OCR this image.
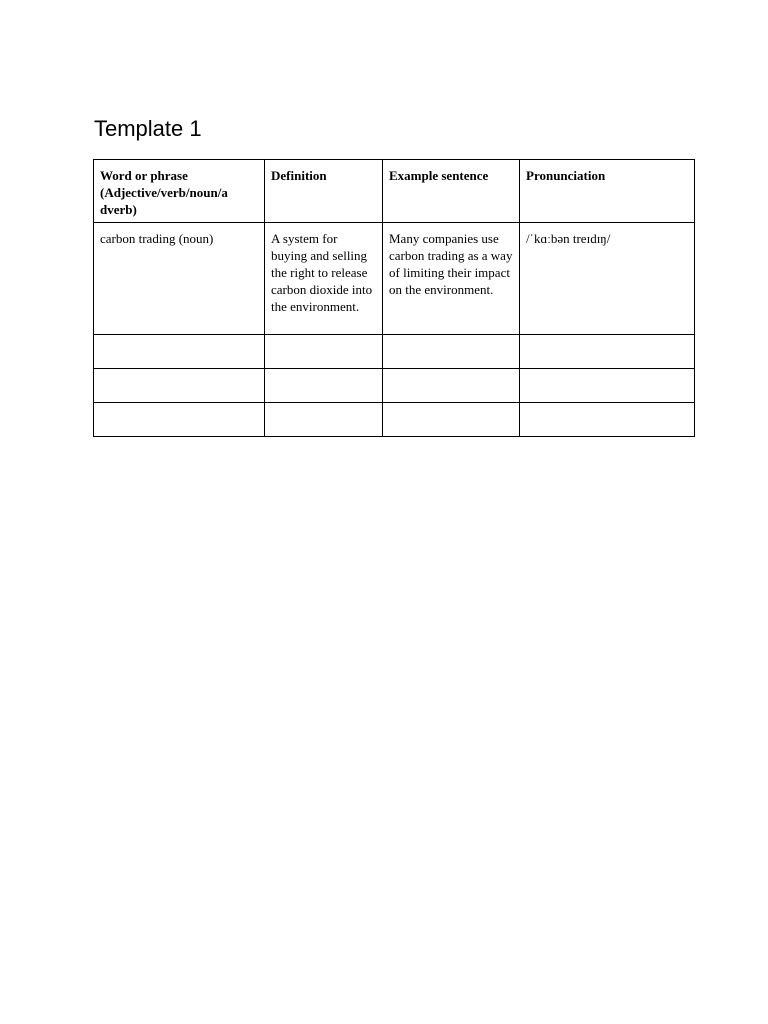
Template 1
Word or phrase (Adjective/verb/noun/a dverb)	Definition	Example sentence	Pronunciation
carbon trading (noun)	A system for buying and selling the right to release carbon dioxide into the environment.	Many companies use carbon trading as a way of limiting their impact on the environment.	/ˈkɑːbən treɪdɪŋ/
